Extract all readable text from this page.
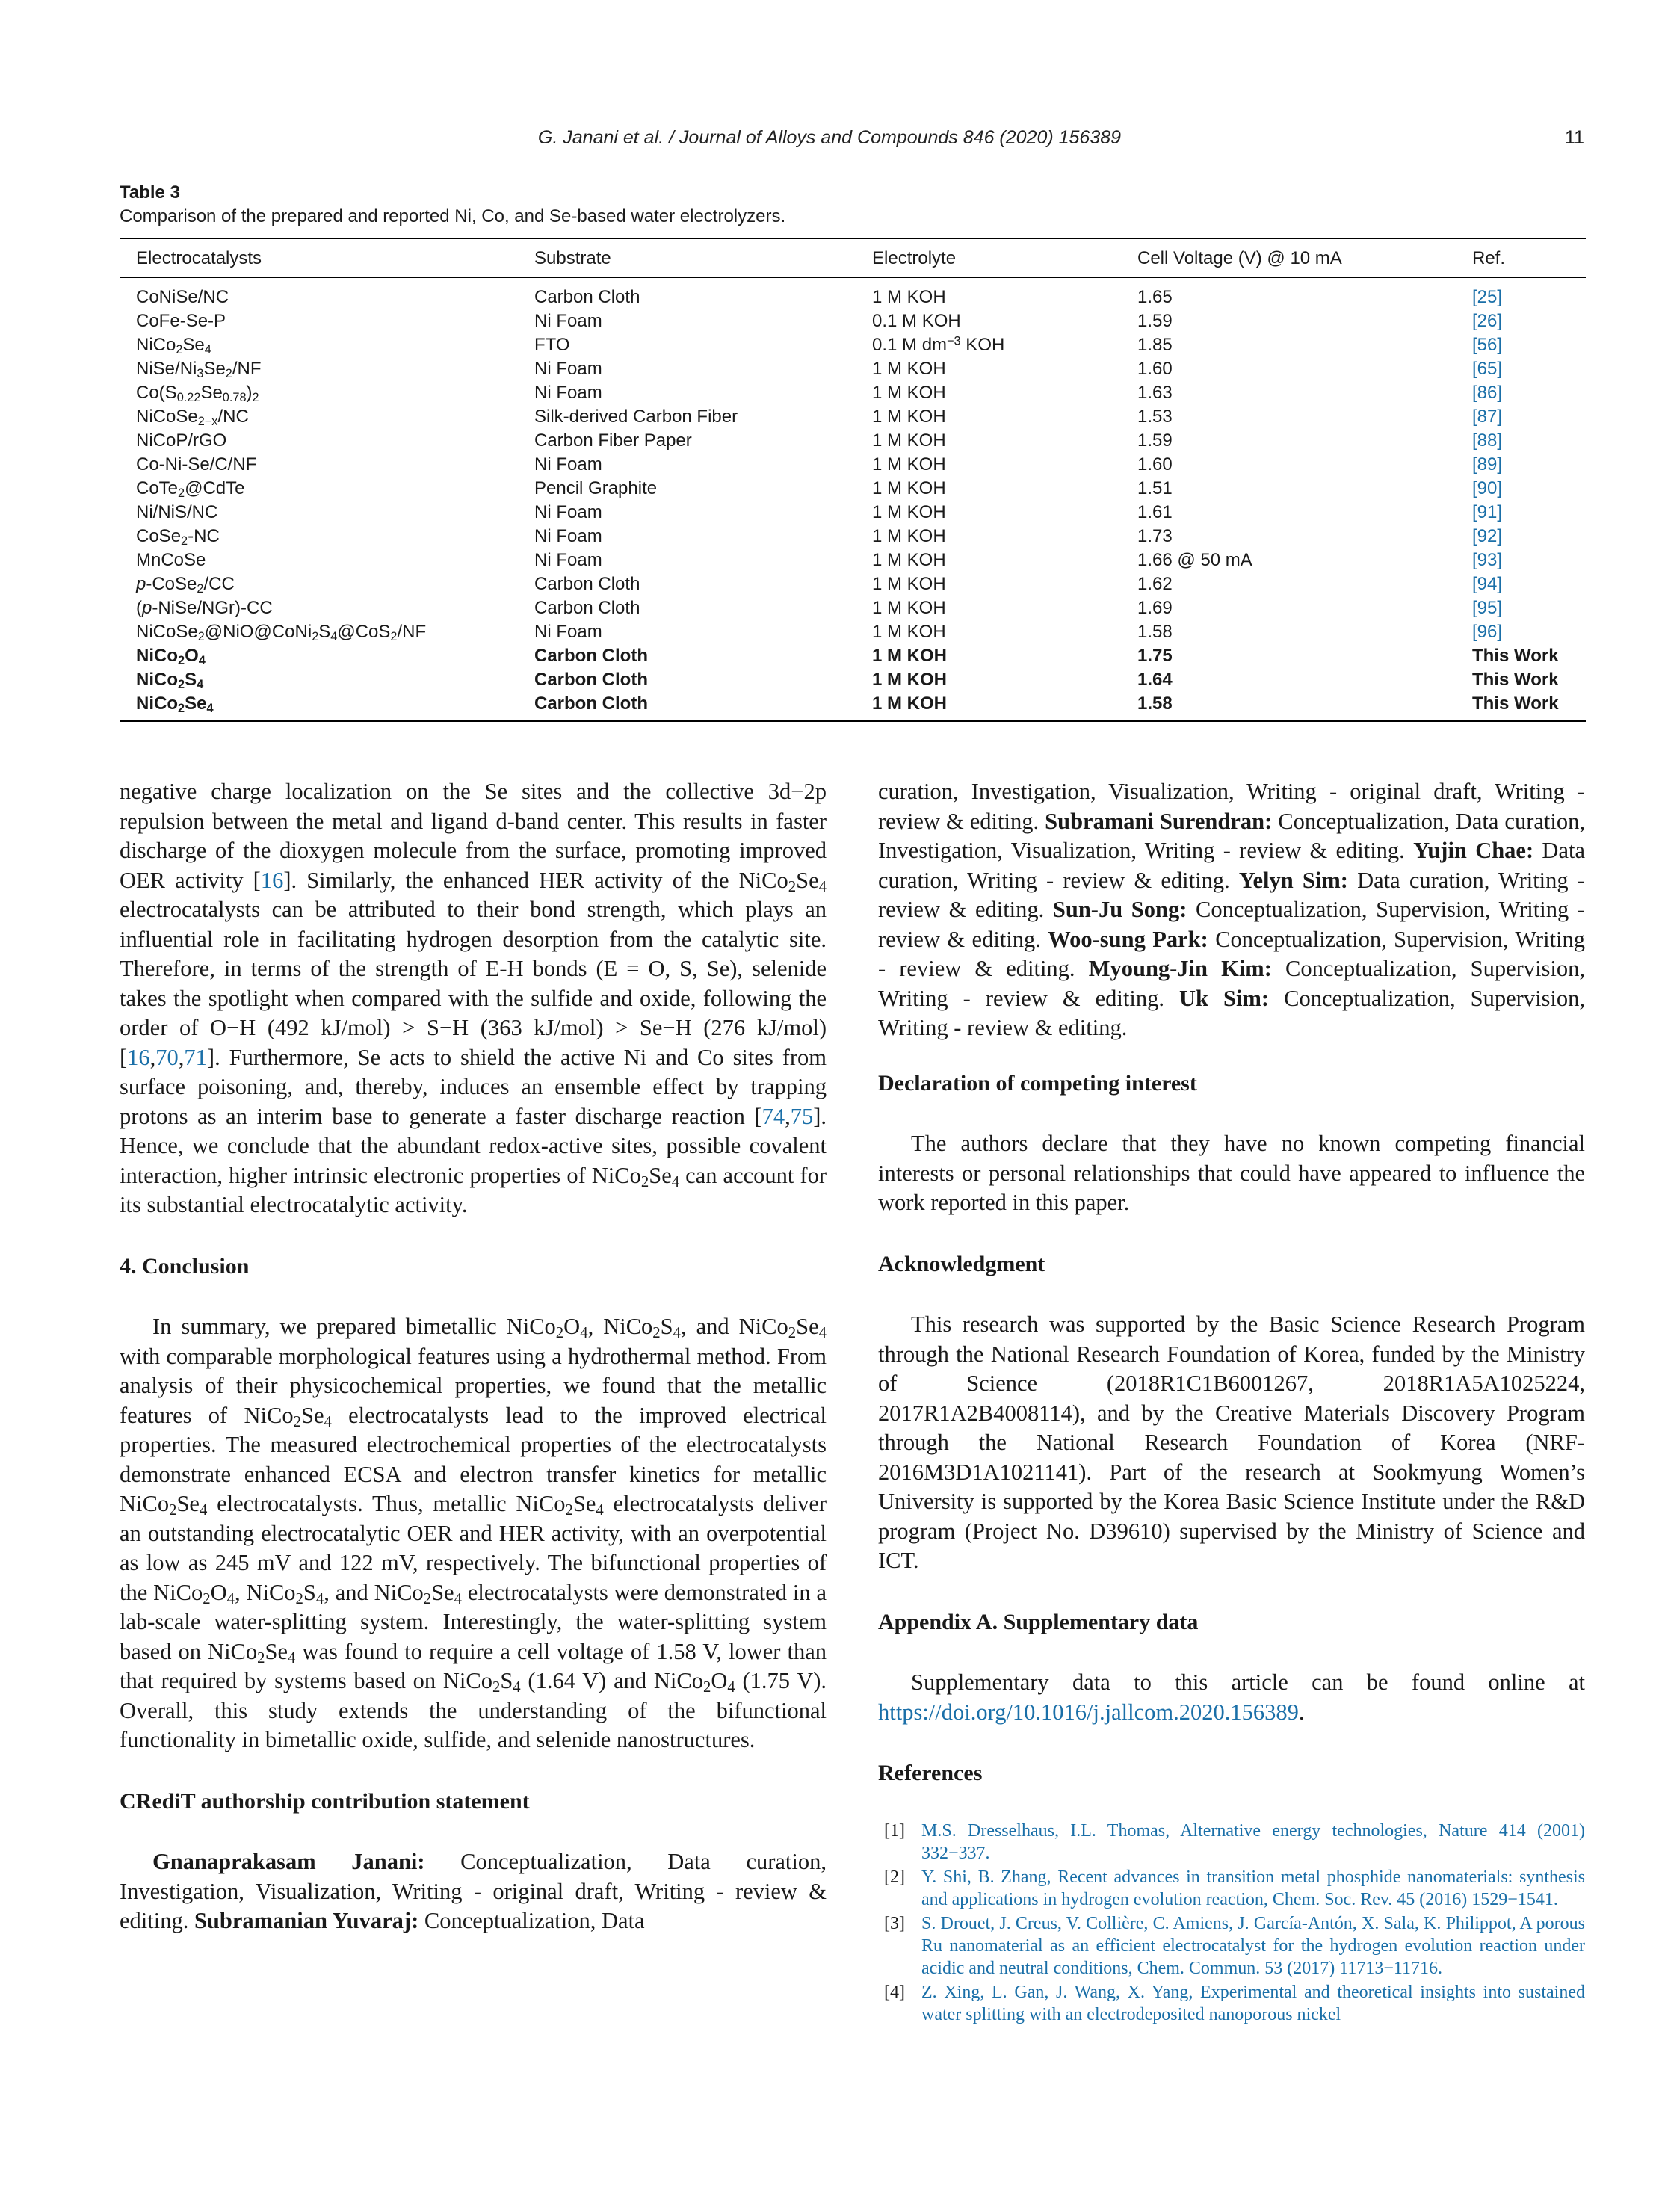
G. Janani et al. / Journal of Alloys and Compounds 846 (2020) 156389	11
Table 3
Comparison of the prepared and reported Ni, Co, and Se-based water electrolyzers.
Electrocatalysts	Substrate	Electrolyte	Cell Voltage (V) @ 10 mA	Ref.
CoNiSe/NC	Carbon Cloth	1 M KOH	1.65	[25]
CoFe-Se-P	Ni Foam	0.1 M KOH	1.59	[26]
$NiCo_2Se_4$	FTO	0.1 M $dm^{-3}$ KOH	1.85	[56]
NiSe/$Ni_3Se_2/NF$	Ni Foam	1 M KOH	1.60	[65]
$Co(S_{0.22}Se_{0.78})_2$	Ni Foam	1 M KOH	1.63	[86]
NiCoSe$_{2-x}$/NC	Silk-derived Carbon Fiber	1 M KOH	1.53	[87]
NiCoP/rGO	Carbon Fiber Paper	1 M KOH	1.59	[88]
Co-Ni-Se/C/NF	Ni Foam	1 M KOH	1.60	[89]
CoTe$_2$@CdTe	Pencil Graphite	1 M KOH	1.51	[90]
Ni/NiS/NC	Ni Foam	1 M KOH	1.61	[91]
CoSe$_2$-NC	Ni Foam	1 M KOH	1.73	[92]
MnCoSe	Ni Foam	1 M KOH	1.66 @ 50 mA	[93]
p-CoSe$_2$/CC	Carbon Cloth	1 M KOH	1.62	[94]
(p-NiSe/NGr)-CC	Carbon Cloth	1 M KOH	1.69	[95]
$NiCoSe_2@NiO@CoNi_2S_4@CoS_2/NF$	Ni Foam	1 M KOH	1.58	[96]
$NiCo_2O_4$	Carbon Cloth	1 M KOH	1.75	This Work
$NiCo_2S_4$	Carbon Cloth	1 M KOH	1.64	This Work
$NiCo_2Se_4$	Carbon Cloth	1 M KOH	1.58	This Work

negative charge localization on the Se sites and the collective 3d−2p repulsion between the metal and ligand d-band center. This results in faster discharge of the dioxygen molecule from the surface, promoting improved OER activity [16]. Similarly, the enhanced HER activity of the $NiCo_2Se_4$ electrocatalysts can be attributed to their bond strength, which plays an influential role in facilitating hydrogen desorption from the catalytic site. Therefore, in terms of the strength of E-H bonds (E = O, S, Se), selenide takes the spotlight when compared with the sulfide and oxide, following the order of O−H (492 kJ/mol) > S−H (363 kJ/mol) > Se−H (276 kJ/mol) [16,70,71]. Furthermore, Se acts to shield the active Ni and Co sites from surface poisoning, and, thereby, induces an ensemble effect by trapping protons as an interim base to generate a faster discharge reaction [74,75]. Hence, we conclude that the abundant redox-active sites, possible covalent interaction, higher intrinsic electronic properties of $NiCo_2Se_4$ can account for its substantial electrocatalytic activity.

4. Conclusion

In summary, we prepared bimetallic $NiCo_2O_4$, $NiCo_2S_4$, and $NiCo_2Se_4$ with comparable morphological features using a hydrothermal method. From analysis of their physicochemical properties, we found that the metallic features of $NiCo_2Se_4$ electrocatalysts lead to the improved electrical properties. The measured electrochemical properties of the electrocatalysts demonstrate enhanced ECSA and electron transfer kinetics for metallic $NiCo_2Se_4$ electrocatalysts. Thus, metallic $NiCo_2Se_4$ electrocatalysts deliver an outstanding electrocatalytic OER and HER activity, with an overpotential as low as 245 mV and 122 mV, respectively. The bifunctional properties of the $NiCo_2O_4$, $NiCo_2S_4$, and $NiCo_2Se_4$ electrocatalysts were demonstrated in a lab-scale water-splitting system. Interestingly, the water-splitting system based on $NiCo_2Se_4$ was found to require a cell voltage of 1.58 V, lower than that required by systems based on $NiCo_2S_4$ (1.64 V) and $NiCo_2O_4$ (1.75 V). Overall, this study extends the understanding of the bifunctional functionality in bimetallic oxide, sulfide, and selenide nanostructures.

CRediT authorship contribution statement

Gnanaprakasam Janani: Conceptualization, Data curation, Investigation, Visualization, Writing - original draft, Writing - review & editing. Subramanian Yuvaraj: Conceptualization, Data

curation, Investigation, Visualization, Writing - original draft, Writing - review & editing. Subramani Surendran: Conceptualization, Data curation, Investigation, Visualization, Writing - review & editing. Yujin Chae: Data curation, Writing - review & editing. Yelyn Sim: Data curation, Writing - review & editing. Sun-Ju Song: Conceptualization, Supervision, Writing - review & editing. Woo-sung Park: Conceptualization, Supervision, Writing - review & editing. Myoung-Jin Kim: Conceptualization, Supervision, Writing - review & editing. Uk Sim: Conceptualization, Supervision, Writing - review & editing.

Declaration of competing interest

The authors declare that they have no known competing financial interests or personal relationships that could have appeared to influence the work reported in this paper.

Acknowledgment

This research was supported by the Basic Science Research Program through the National Research Foundation of Korea, funded by the Ministry of Science (2018R1C1B6001267, 2018R1A5A1025224, 2017R1A2B4008114), and by the Creative Materials Discovery Program through the National Research Foundation of Korea (NRF-2016M3D1A1021141). Part of the research at Sookmyung Women’s University is supported by the Korea Basic Science Institute under the R&D program (Project No. D39610) supervised by the Ministry of Science and ICT.

Appendix A. Supplementary data

Supplementary data to this article can be found online at https://doi.org/10.1016/j.jallcom.2020.156389.

References
[1] M.S. Dresselhaus, I.L. Thomas, Alternative energy technologies, Nature 414 (2001) 332−337.
[2] Y. Shi, B. Zhang, Recent advances in transition metal phosphide nanomaterials: synthesis and applications in hydrogen evolution reaction, Chem. Soc. Rev. 45 (2016) 1529−1541.
[3] S. Drouet, J. Creus, V. Collière, C. Amiens, J. García-Antón, X. Sala, K. Philippot, A porous Ru nanomaterial as an efficient electrocatalyst for the hydrogen evolution reaction under acidic and neutral conditions, Chem. Commun. 53 (2017) 11713−11716.
[4] Z. Xing, L. Gan, J. Wang, X. Yang, Experimental and theoretical insights into sustained water splitting with an electrodeposited nanoporous nickel
